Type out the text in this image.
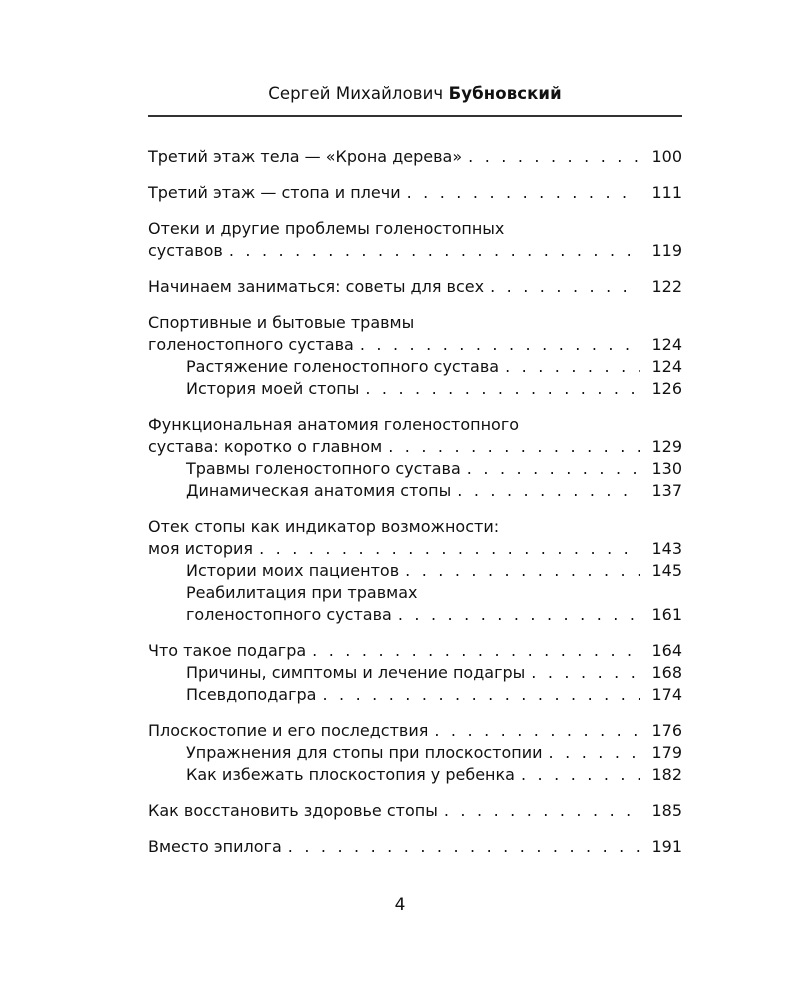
Сергей Михайлович Бубновский
Третий этаж тела — «Крона дерева» . . .	100
Третий этаж — стопа и плечи . . .	111
Отеки и другие проблемы голеностопных
суставов . . .	119
Начинаем заниматься: советы для всех . . .	122
Спортивные и бытовые травмы
голеностопного сустава . . .	124
Растяжение голеностопного сустава . . .	124
История моей стопы . . .	126
Функциональная анатомия голеностопного
сустава: коротко о главном . . .	129
Травмы голеностопного сустава . . .	130
Динамическая анатомия стопы . . .	137
Отек стопы как индикатор возможности:
моя история . . .	143
Истории моих пациентов . . .	145
Реабилитация при травмах
голеностопного сустава . . .	161
Что такое подагра . . .	164
Причины, симптомы и лечение подагры . . .	168
Псевдоподагра . . .	174
Плоскостопие и его последствия . . .	176
Упражнения для стопы при плоскостопии . . .	179
Как избежать плоскостопия у ребенка . . .	182
Как восстановить здоровье стопы . . .	185
Вместо эпилога . . .	191
4
